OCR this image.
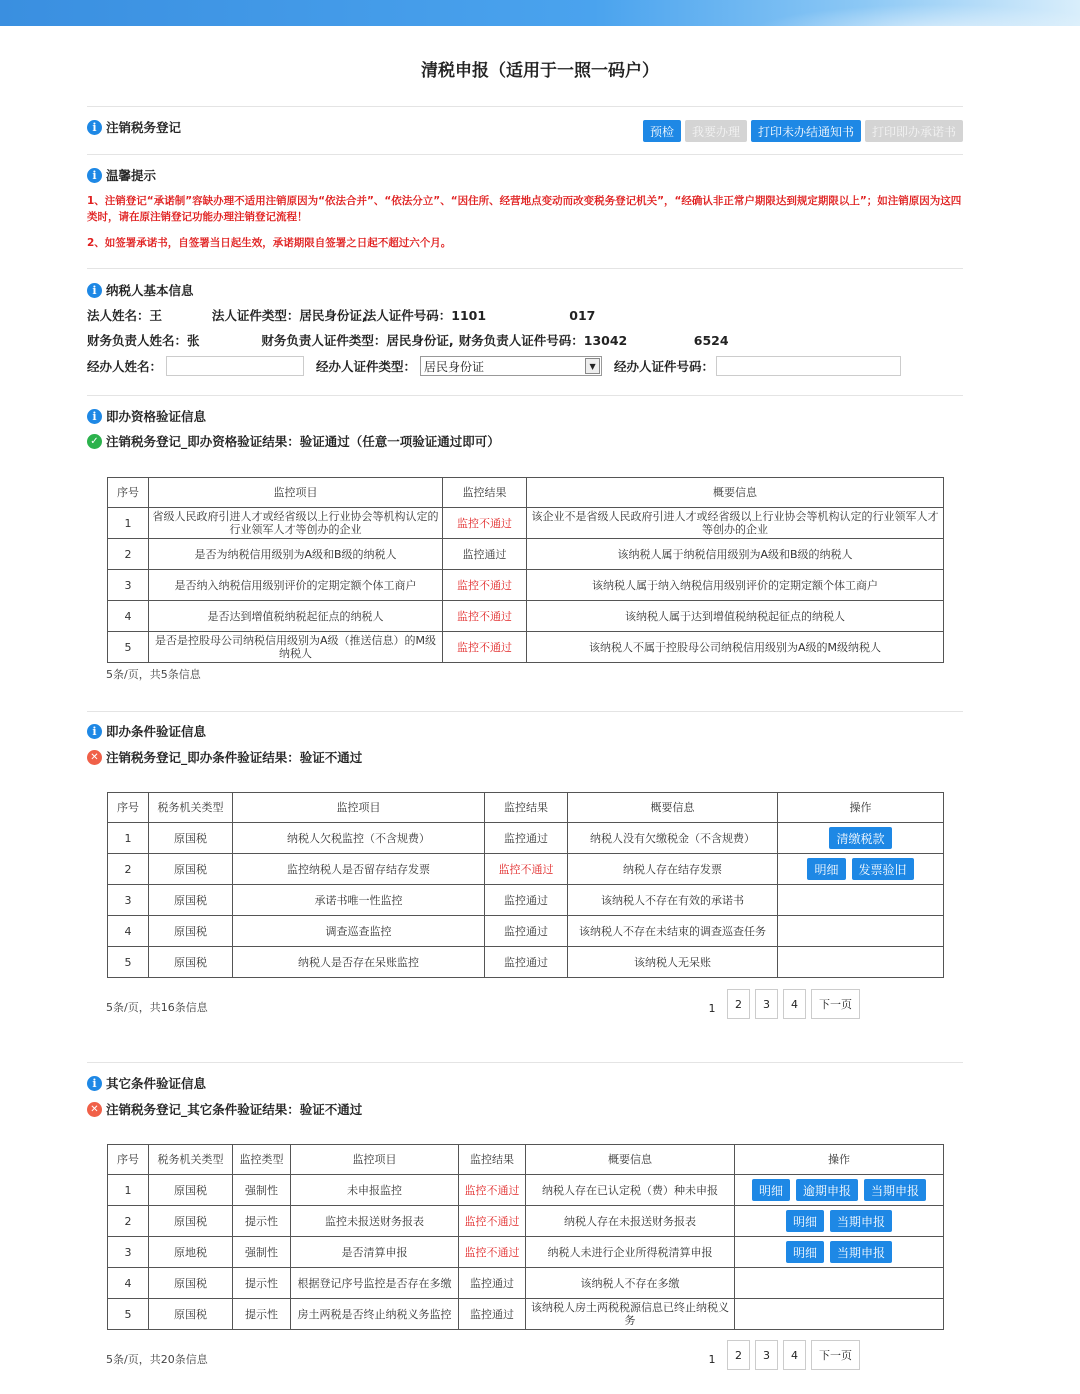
清税申报（适用于一照一码户）
i 注销税务登记	预检	我要办理	打印未办结通知书	打印即办承诺书
i 温馨提示
1、注销登记“承诺制”容缺办理不适用注销原因为“依法合并”、“依法分立”、“因住所、经营地点变动而改变税务登记机关”，“经确认非正常户期限达到规定期限以上”；如注销原因为这四类时，请在原注销登记功能办理注销登记流程！
2、如签署承诺书，自签署当日起生效，承诺期限自签署之日起不超过六个月。
i 纳税人基本信息
法人姓名：王	法人证件类型：居民身份证, 法人证件号码：1101	017
财务负责人姓名：张	财务负责人证件类型：居民身份证, 财务负责人证件号码：13042	6524
经办人姓名：	经办人证件类型： 居民身份证	▼	经办人证件号码：
i 即办资格验证信息
✓ 注销税务登记_即办资格验证结果：验证通过（任意一项验证通过即可）
序号	监控项目	监控结果	概要信息
1	省级人民政府引进人才或经省级以上行业协会等机构认定的行业领军人才等创办的企业	监控不通过	该企业不是省级人民政府引进人才或经省级以上行业协会等机构认定的行业领军人才等创办的企业
2	是否为纳税信用级别为A级和B级的纳税人	监控通过	该纳税人属于纳税信用级别为A级和B级的纳税人
3	是否纳入纳税信用级别评价的定期定额个体工商户	监控不通过	该纳税人属于纳入纳税信用级别评价的定期定额个体工商户
4	是否达到增值税纳税起征点的纳税人	监控不通过	该纳税人属于达到增值税纳税起征点的纳税人
5	是否是控股母公司纳税信用级别为A级（推送信息）的M级纳税人	监控不通过	该纳税人不属于控股母公司纳税信用级别为A级的M级纳税人
5条/页，共5条信息
i 即办条件验证信息
✕ 注销税务登记_即办条件验证结果：验证不通过
序号	税务机关类型	监控项目	监控结果	概要信息	操作
1	原国税	纳税人欠税监控（不含规费）	监控通过	纳税人没有欠缴税金（不含规费）	清缴税款

2	原国税	监控纳税人是否留存结存发票	监控不通过	纳税人存在结存发票	明细 发票验旧

3	原国税	承诺书唯一性监控	监控通过	该纳税人不存在有效的承诺书	

4	原国税	调查巡查监控	监控通过	该纳税人不存在未结束的调查巡查任务	

5	原国税	纳税人是否存在呆账监控	监控通过	该纳税人无呆账	
5条/页，共16条信息	1	2	3	4	下一页
i 其它条件验证信息
✕ 注销税务登记_其它条件验证结果：验证不通过
序号	税务机关类型	监控类型	监控项目	监控结果	概要信息	操作
1	原国税	强制性	未申报监控	监控不通过	纳税人存在已认定税（费）种未申报	明细 逾期申报 当期申报

2	原国税	提示性	监控未报送财务报表	监控不通过	纳税人存在未报送财务报表	明细 当期申报

3	原地税	强制性	是否清算申报	监控不通过	纳税人未进行企业所得税清算申报	明细 当期申报

4	原国税	提示性	根据登记序号监控是否存在多缴	监控通过	该纳税人不存在多缴	

5	原国税	提示性	房土两税是否终止纳税义务监控	监控通过	该纳税人房土两税税源信息已终止纳税义务	
5条/页，共20条信息	1	2	3	4	下一页
